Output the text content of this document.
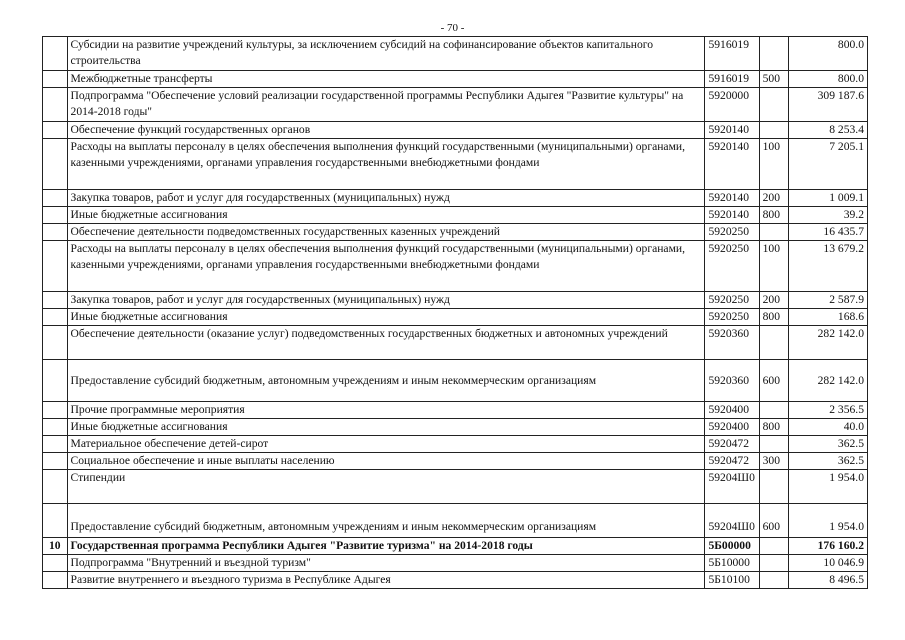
- 70 -
	Субсидии на развитие учреждений культуры, за исключением субсидий на софинансирование объектов капитального строительства	5916019		800.0
	Межбюджетные трансферты	5916019	500	800.0
	Подпрограмма "Обеспечение условий реализации государственной программы Республики Адыгея "Развитие культуры" на 2014-2018 годы"	5920000		309 187.6
	Обеспечение функций государственных органов	5920140		8 253.4
	Расходы на выплаты персоналу в целях обеспечения выполнения функций государственными (муниципальными) органами, казенными учреждениями, органами управления государственными внебюджетными фондами	5920140	100	7 205.1
	Закупка товаров, работ и услуг для государственных (муниципальных) нужд	5920140	200	1 009.1
	Иные бюджетные ассигнования	5920140	800	39.2
	Обеспечение деятельности подведомственных государственных казенных учреждений	5920250		16 435.7
	Расходы на выплаты персоналу в целях обеспечения выполнения функций государственными (муниципальными) органами, казенными учреждениями, органами управления государственными внебюджетными фондами	5920250	100	13 679.2
	Закупка товаров, работ и услуг для государственных (муниципальных) нужд	5920250	200	2 587.9
	Иные бюджетные ассигнования	5920250	800	168.6
	Обеспечение деятельности (оказание услуг) подведомственных государственных бюджетных и автономных учреждений	5920360		282 142.0
	Предоставление субсидий бюджетным, автономным учреждениям и иным некоммерческим организациям	5920360	600	282 142.0
	Прочие программные мероприятия	5920400		2 356.5
	Иные бюджетные ассигнования	5920400	800	40.0
	Материальное обеспечение детей-сирот	5920472		362.5
	Социальное обеспечение и иные выплаты населению	5920472	300	362.5
	Стипендии	59204Ш0		1 954.0
	Предоставление субсидий бюджетным, автономным учреждениям и иным некоммерческим организациям	59204Ш0	600	1 954.0
10	Государственная программа Республики Адыгея "Развитие туризма" на 2014-2018 годы	5Б00000		176 160.2
	Подпрограмма "Внутренний и въездной туризм"	5Б10000		10 046.9
	Развитие внутреннего и въездного туризма в Республике Адыгея	5Б10100		8 496.5
